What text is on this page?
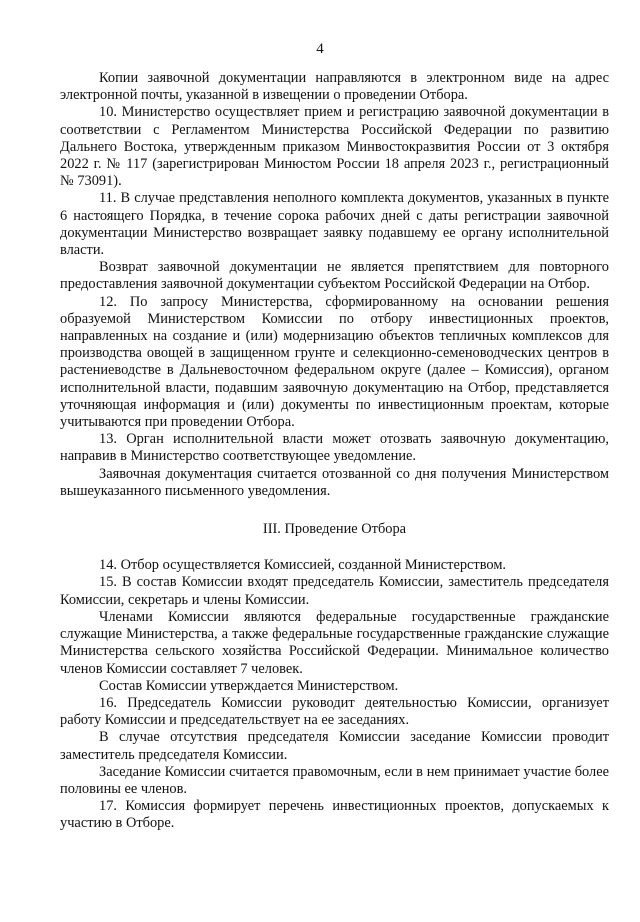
4

Копии заявочной документации направляются в электронном виде на адрес электронной почты, указанной в извещении о проведении Отбора.

10. Министерство осуществляет прием и регистрацию заявочной документации в соответствии с Регламентом Министерства Российской Федерации по развитию Дальнего Востока, утвержденным приказом Минвостокразвития России от 3 октября 2022 г. № 117 (зарегистрирован Минюстом России 18 апреля 2023 г., регистрационный № 73091).

11. В случае представления неполного комплекта документов, указанных в пункте 6 настоящего Порядка, в течение сорока рабочих дней с даты регистрации заявочной документации Министерство возвращает заявку подавшему ее органу исполнительной власти.

Возврат заявочной документации не является препятствием для повторного предоставления заявочной документации субъектом Российской Федерации на Отбор.

12. По запросу Министерства, сформированному на основании решения образуемой Министерством Комиссии по отбору инвестиционных проектов, направленных на создание и (или) модернизацию объектов тепличных комплексов для производства овощей в защищенном грунте и селекционно-семеноводческих центров в растениеводстве в Дальневосточном федеральном округе (далее – Комиссия), органом исполнительной власти, подавшим заявочную документацию на Отбор, представляется уточняющая информация и (или) документы по инвестиционным проектам, которые учитываются при проведении Отбора.

13. Орган исполнительной власти может отозвать заявочную документацию, направив в Министерство соответствующее уведомление.

Заявочная документация считается отозванной со дня получения Министерством вышеуказанного письменного уведомления.

III. Проведение Отбора

14. Отбор осуществляется Комиссией, созданной Министерством.

15. В состав Комиссии входят председатель Комиссии, заместитель председателя Комиссии, секретарь и члены Комиссии.

Членами Комиссии являются федеральные государственные гражданские служащие Министерства, а также федеральные государственные гражданские служащие Министерства сельского хозяйства Российской Федерации. Минимальное количество членов Комиссии составляет 7 человек.

Состав Комиссии утверждается Министерством.

16. Председатель Комиссии руководит деятельностью Комиссии, организует работу Комиссии и председательствует на ее заседаниях.

В случае отсутствия председателя Комиссии заседание Комиссии проводит заместитель председателя Комиссии.

Заседание Комиссии считается правомочным, если в нем принимает участие более половины ее членов.

17. Комиссия формирует перечень инвестиционных проектов, допускаемых к участию в Отборе.
